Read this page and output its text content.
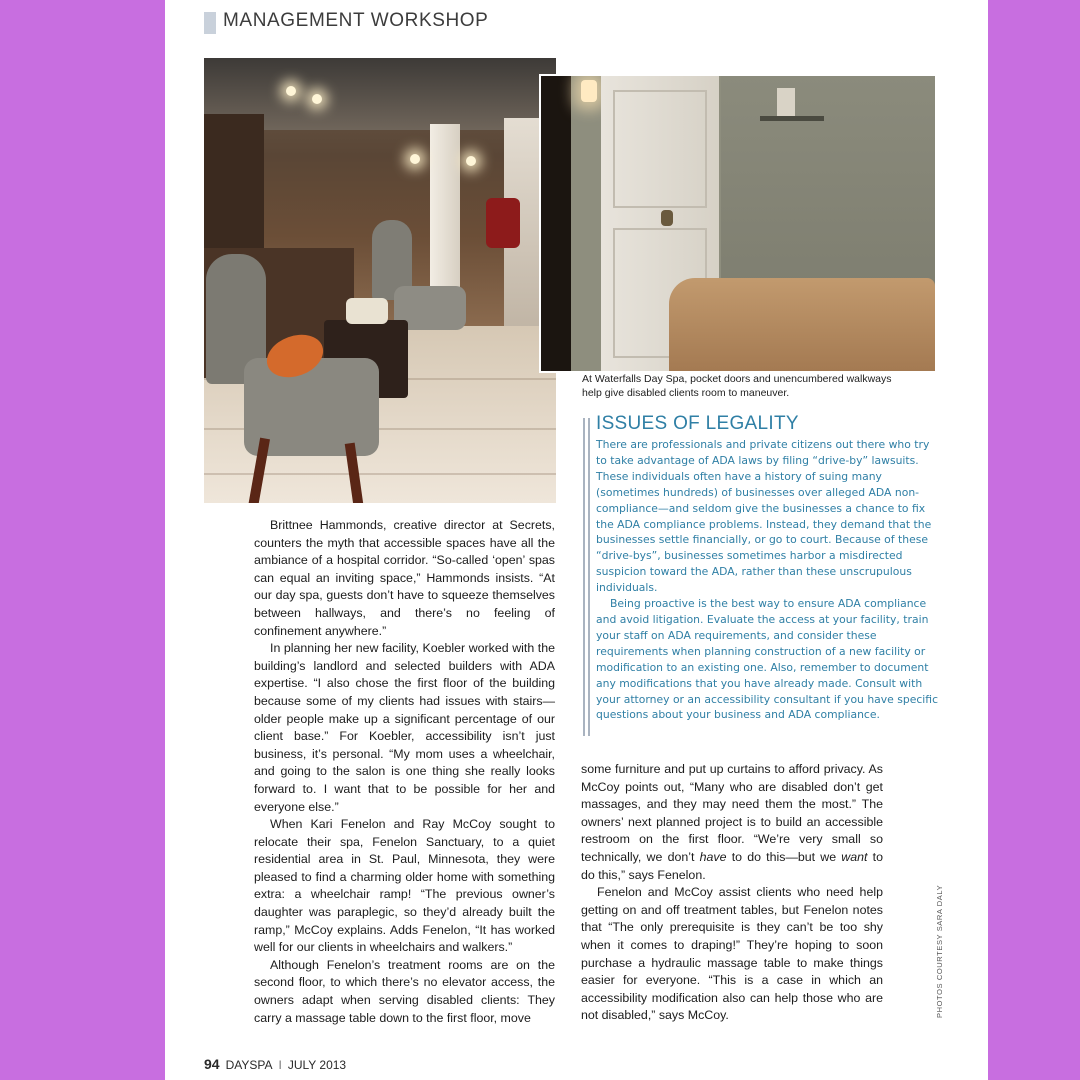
MANAGEMENT WORKSHOP
At Waterfalls Day Spa, pocket doors and unencumbered walkways help give disabled clients room to maneuver.
ISSUES OF LEGALITY

There are professionals and private citizens out there who try to take advantage of ADA laws by filing “drive-by” lawsuits. These individuals often have a history of suing many (sometimes hundreds) of businesses over alleged ADA non-compliance—and seldom give the businesses a chance to fix the ADA compliance problems. Instead, they demand that the businesses settle financially, or go to court. Because of these “drive-bys”, businesses sometimes harbor a misdirected suspicion toward the ADA, rather than these unscrupulous individuals.

Being proactive is the best way to ensure ADA compliance and avoid litigation. Evaluate the access at your facility, train your staff on ADA requirements, and consider these requirements when planning construction of a new facility or modification to an existing one. Also, remember to document any modifications that you have already made. Consult with your attorney or an accessibility consultant if you have specific questions about your business and ADA compliance.

Brittnee Hammonds, creative director at Secrets, counters the myth that accessible spaces have all the ambiance of a hospital corridor. “So-called ‘open’ spas can equal an inviting space,” Hammonds insists. “At our day spa, guests don’t have to squeeze themselves between hallways, and there’s no feeling of confinement anywhere.”

In planning her new facility, Koebler worked with the building’s landlord and selected builders with ADA expertise. “I also chose the first floor of the building because some of my clients had issues with stairs—older people make up a significant percentage of our client base.” For Koebler, accessibility isn’t just business, it’s personal. “My mom uses a wheelchair, and going to the salon is one thing she really looks forward to. I want that to be possible for her and everyone else.”

When Kari Fenelon and Ray McCoy sought to relocate their spa, Fenelon Sanctuary, to a quiet residential area in St. Paul, Minnesota, they were pleased to find a charming older home with something extra: a wheelchair ramp! “The previous owner’s daughter was paraplegic, so they’d already built the ramp,” McCoy explains. Adds Fenelon, “It has worked well for our clients in wheelchairs and walkers.”

Although Fenelon’s treatment rooms are on the second floor, to which there’s no elevator access, the owners adapt when serving disabled clients: They carry a massage table down to the first floor, move

some furniture and put up curtains to afford privacy. As McCoy points out, “Many who are disabled don’t get massages, and they may need them the most.” The owners’ next planned project is to build an accessible restroom on the first floor. “We’re very small so technically, we don’t have to do this—but we want to do this,” says Fenelon.

Fenelon and McCoy assist clients who need help getting on and off treatment tables, but Fenelon notes that “The only prerequisite is they can’t be too shy when it comes to draping!” They’re hoping to soon purchase a hydraulic massage table to make things easier for everyone. “This is a case in which an accessibility modification also can help those who are not disabled,” says McCoy.	PHOTOS COURTESY SARA DALY
94 DAYSPA I JULY 2013
